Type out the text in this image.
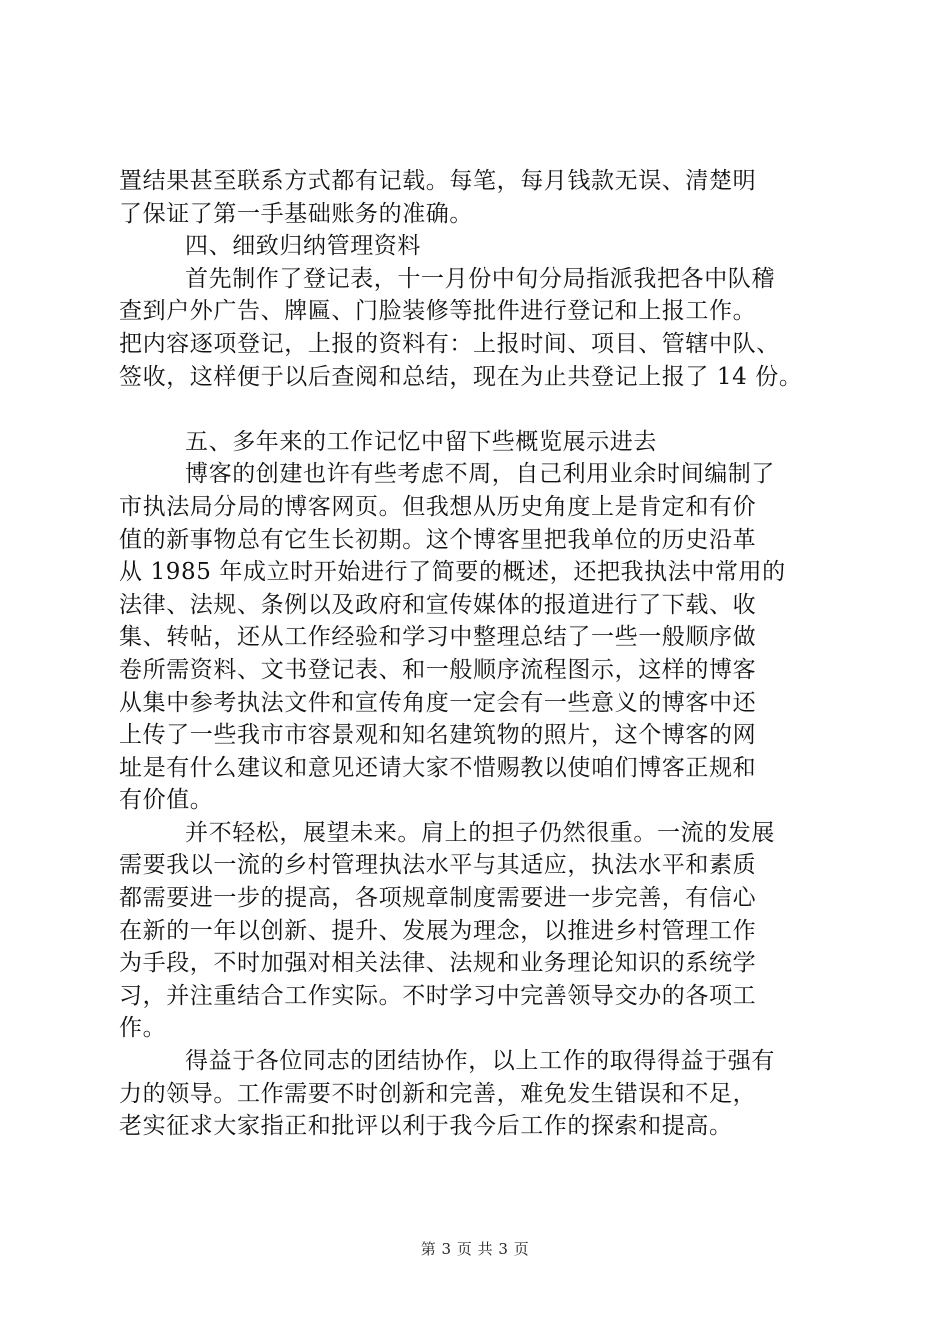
置结果甚至联系方式都有记载。每笔，每月钱款无误、清楚明
了保证了第一手基础账务的准确。
四、细致归纳管理资料
首先制作了登记表，十一月份中旬分局指派我把各中队稽
查到户外广告、牌匾、门脸装修等批件进行登记和上报工作。
把内容逐项登记，上报的资料有：上报时间、项目、管辖中队、
签收，这样便于以后查阅和总结，现在为止共登记上报了 14 份。
五、多年来的工作记忆中留下些概览展示进去
博客的创建也许有些考虑不周，自己利用业余时间编制了
市执法局分局的博客网页。但我想从历史角度上是肯定和有价
值的新事物总有它生长初期。这个博客里把我单位的历史沿革
从 1985 年成立时开始进行了简要的概述，还把我执法中常用的
法律、法规、条例以及政府和宣传媒体的报道进行了下载、收
集、转帖，还从工作经验和学习中整理总结了一些一般顺序做
卷所需资料、文书登记表、和一般顺序流程图示，这样的博客
从集中参考执法文件和宣传角度一定会有一些意义的博客中还
上传了一些我市市容景观和知名建筑物的照片，这个博客的网
址是有什么建议和意见还请大家不惜赐教以使咱们博客正规和
有价值。
并不轻松，展望未来。肩上的担子仍然很重。一流的发展
需要我以一流的乡村管理执法水平与其适应，执法水平和素质
都需要进一步的提高，各项规章制度需要进一步完善，有信心
在新的一年以创新、提升、发展为理念，以推进乡村管理工作
为手段，不时加强对相关法律、法规和业务理论知识的系统学
习，并注重结合工作实际。不时学习中完善领导交办的各项工
作。
得益于各位同志的团结协作，以上工作的取得得益于强有
力的领导。工作需要不时创新和完善，难免发生错误和不足，
老实征求大家指正和批评以利于我今后工作的探索和提高。
第 3 页 共 3 页
